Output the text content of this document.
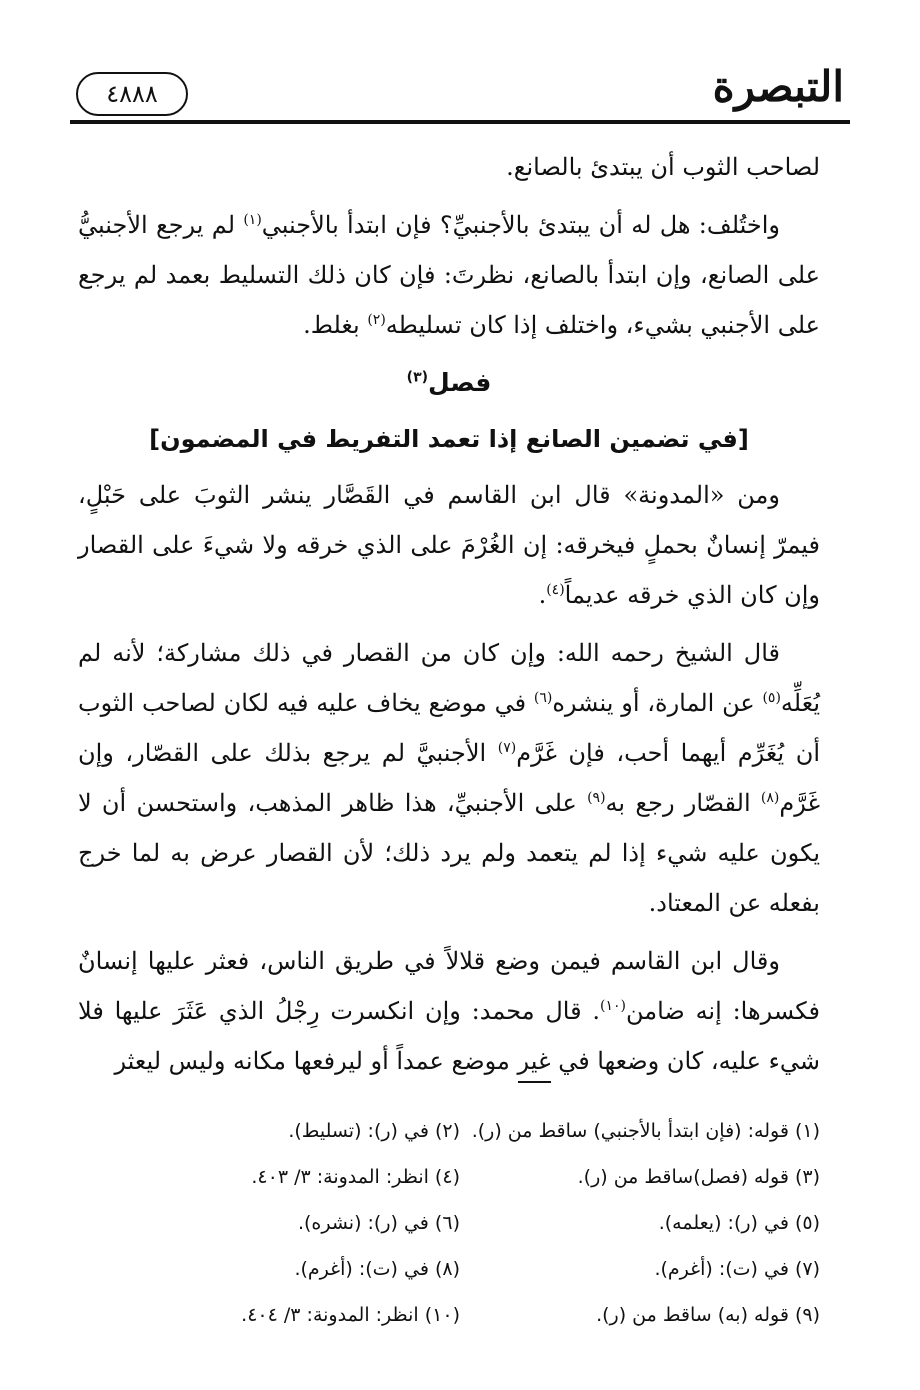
التبصرة
٤٨٨٨

لصاحب الثوب أن يبتدئ بالصانع.

واختُلف: هل له أن يبتدئ بالأجنبيِّ؟ فإن ابتدأ بالأجنبي$^{(١)}$ لم يرجع الأجنبيُّ على الصانع، وإن ابتدأ بالصانع، نظرتَ: فإن كان ذلك التسليط بعمد لم يرجع على الأجنبي بشيء، واختلف إذا كان تسليطه$^{(٢)}$ بغلط.

فصل$^{(٣)}$

[في تضمين الصانع إذا تعمد التفريط في المضمون]

ومن «المدونة» قال ابن القاسم في القَصَّار ينشر الثوبَ على حَبْلٍ، فيمرّ إنسانٌ بحملٍ فيخرقه: إن الغُرْمَ على الذي خرقه ولا شيءَ على القصار وإن كان الذي خرقه عديماً$^{(٤)}$.

قال الشيخ رحمه الله: وإن كان من القصار في ذلك مشاركة؛ لأنه لم يُعَلِّه$^{(٥)}$ عن المارة، أو ينشره$^{(٦)}$ في موضع يخاف عليه فيه لكان لصاحب الثوب أن يُغَرِّم أيهما أحب، فإن غَرَّم$^{(٧)}$ الأجنبيَّ لم يرجع بذلك على القصّار، وإن غَرَّم$^{(٨)}$ القصّار رجع به$^{(٩)}$ على الأجنبيِّ، هذا ظاهر المذهب، واستحسن أن لا يكون عليه شيء إذا لم يتعمد ولم يرد ذلك؛ لأن القصار عرض به لما خرج بفعله عن المعتاد.

وقال ابن القاسم فيمن وضع قلالاً في طريق الناس، فعثر عليها إنسانٌ فكسرها: إنه ضامن$^{(١٠)}$. قال محمد: وإن انكسرت رِجْلُ الذي عَثَرَ عليها فلا شيء عليه، كان وضعها في غير موضع عمداً أو ليرفعها مكانه وليس ليعثر

(١) قوله: (فإن ابتدأ بالأجنبي) ساقط من (ر).
(٢) في (ر): (تسليط).
(٣) قوله (فصل)ساقط من (ر).
(٤) انظر: المدونة: ٣/ ٤٠٣.
(٥) في (ر): (يعلمه).
(٦) في (ر): (نشره).
(٧) في (ت): (أغرم).
(٨) في (ت): (أغرم).
(٩) قوله (به) ساقط من (ر).
(١٠) انظر: المدونة: ٣/ ٤٠٤.
